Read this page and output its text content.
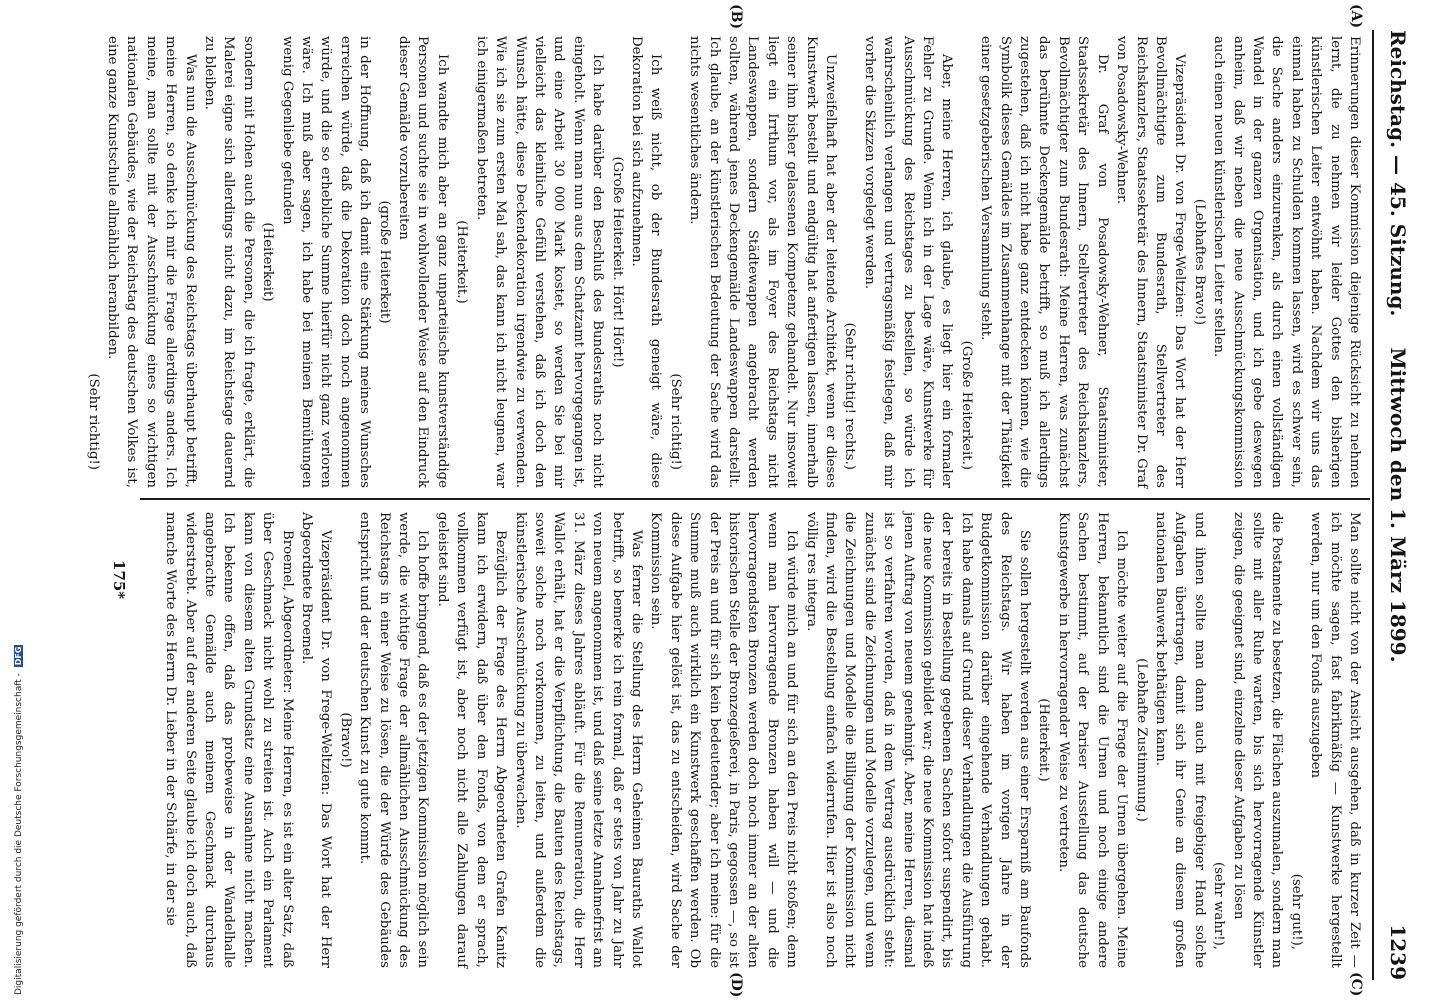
Reichstag. — 45. Sitzung.
Mittwoch den 1. März 1899.
1239
(A)
(B)
(C)
(D)

Erinnerungen dieser Kommission diejenige Rücksicht zu nehmen lernt, die zu nehmen wir leider Gottes den bisherigen künstlerischen Leiter entwöhnt haben. Nachdem wir uns das einmal haben zu Schulden kommen lassen, wird es schwer sein, die Sache anders einzurenken, als durch einen vollständigen Wandel in der ganzen Organisation, und ich gebe deswegen anheim, daß wir neben die neue Ausschmückungskommission auch einen neuen künstlerischen Leiter stellen.

(Lebhaftes Bravo!)

Vizepräsident Dr. von Frege-Weltzien: Das Wort hat der Herr Bevollmächtigte zum Bundesrath, Stellvertreter des Reichskanzlers, Staatssekretär des Innern, Staatsminister Dr. Graf von Posadowsky-Wehner.

Dr. Graf von Posadowsky-Wehner, Staatsminister, Staatssekretär des Innern, Stellvertreter des Reichskanzlers, Bevollmächtigter zum Bundesrath: Meine Herren, was zunächst das berühmte Deckengemälde betrifft, so muß ich allerdings zugestehen, daß ich nicht habe ganz entdecken können, wie die Symbolik dieses Gemäldes im Zusammenhange mit der Thätigkeit einer gesetzgeberischen Versammlung steht.

(Große Heiterkeit.)

Aber, meine Herren, ich glaube, es liegt hier ein formaler Fehler zu Grunde. Wenn ich in der Lage wäre, Kunstwerke für Ausschmückung des Reichstages zu bestellen, so würde ich wahrscheinlich verlangen und vertragsmäßig festlegen, daß mir vorher die Skizzen vorgelegt werden.

(Sehr richtig! rechts.)

Unzweifelhaft hat aber der leitende Architekt, wenn er dieses Kunstwerk bestellt und endgültig hat anfertigen lassen, innerhalb seiner ihm bisher gelassenen Kompetenz gehandelt. Nur insoweit liegt ein Irrthum vor, als im Foyer des Reichstags nicht Landeswappen, sondern Städtewappen angebracht werden sollten, während jenes Deckengemälde Landeswappen darstellt. Ich glaube, an der künstlerischen Bedeutung der Sache wird das nichts wesentliches ändern.

(Sehr richtig!)

Ich weiß nicht, ob der Bundesrath geneigt wäre, diese Dekoration bei sich aufzunehmen.

(Große Heiterkeit. Hört! Hört!)

Ich habe darüber den Beschluß des Bundesraths noch nicht eingeholt. Wenn man nun aus dem Schatzamt hervorgegangen ist, und eine Arbeit 30 000 Mark kostet, so werden Sie bei mir vielleicht das kleinliche Gefühl verstehen, daß ich doch den Wunsch hätte, diese Deckendekoration irgendwie zu verwenden. Wie ich sie zum ersten Mal sah, das kann ich nicht leugnen, war ich einigermaßen betreten.

(Heiterkeit.)

Ich wandte mich aber an ganz unparteiische kunstverständige Personen und suchte sie in wohlwollender Weise auf den Eindruck dieser Gemälde vorzubereiten

(große Heiterkeit)

in der Hoffnung, daß ich damit eine Stärkung meines Wunsches erreichen würde, daß die Dekoration doch noch angenommen würde, und die so erhebliche Summe hierfür nicht ganz verloren wäre. Ich muß aber sagen, ich habe bei meinen Bemühungen wenig Gegenliebe gefunden

(Heiterkeit)

sondern mit Hohen auch die Personen, die ich fragte, erklärt, die Malerei eigne sich allerdings nicht dazu, im Reichstage dauernd zu bleiben.

Was nun die Ausschmückung des Reichstags überhaupt betrifft, meine Herren, so denke ich mir die Frage allerdings anders. Ich meine, man sollte mit der Ausschmückung eines so wichtigen nationalen Gebäudes, wie der Reichstag des deutschen Volkes ist, eine ganze Kunstschule allmählich heranbilden.

(Sehr richtig!)

Man sollte nicht von der Ansicht ausgehen, daß in kurzer Zeit — ich möchte sagen, fast fabrikmäßig — Kunstwerke hergestellt werden, nur um den Fonds auszugeben

(sehr gut!),

die Postamente zu besetzen, die Flächen auszumalen, sondern man sollte mit aller Ruhe warten, bis sich hervorragende Künstler zeigen, die geeignet sind, einzelne dieser Aufgaben zu lösen

(sehr wahr!),

und ihnen sollte man dann auch mit freigebiger Hand solche Aufgaben übertragen, damit sich ihr Genie an diesem großen nationalen Bauwerk bethätigen kann.

(Lebhafte Zustimmung.)

Ich möchte weiter auf die Frage der Urnen übergehen. Meine Herren, bekanntlich sind die Urnen und noch einige andere Sachen bestimmt, auf der Pariser Ausstellung das deutsche Kunstgewerbe in hervorragender Weise zu vertreten.

(Heiterkeit.)

Sie sollen hergestellt werden aus einer Ersparniß am Baufonds des Reichstags. Wir haben im vorigen Jahre in der Budgetkommission darüber eingehende Verhandlungen gehabt. Ich habe damals auf Grund dieser Verhandlungen die Ausführung der bereits in Bestellung gegebenen Sachen sofort suspendirt, bis die neue Kommission gebildet war; die neue Kommission hat indeß jenen Auftrag von neuem genehmigt. Aber, meine Herren, diesmal ist so verfahren worden, daß in dem Vertrag ausdrücklich steht: zunächst sind die Zeichnungen und Modelle vorzulegen, und wenn die Zeichnungen und Modelle die Billigung der Kommission nicht finden, wird die Bestellung einfach widerrufen. Hier ist also noch völlig res integra.

Ich würde mich an und für sich an den Preis nicht stoßen; denn wenn man hervorragende Bronzen haben will — und die hervorragendsten Bronzen werden doch noch immer an der alten historischen Stelle der Bronzegießerei, in Paris, gegossen —, so ist der Preis an und für sich kein bedeutender; aber ich meine: für die Summe muß auch wirklich ein Kunstwerk geschaffen werden. Ob diese Aufgabe hier gelöst ist, das zu entscheiden, wird Sache der Kommission sein.

Was ferner die Stellung des Herrn Geheimen Bauraths Wallot betrifft, so bemerke ich rein formal, daß er stets von Jahr zu Jahr von neuem angenommen ist, und daß seine letzte Annahmefrist am 31. März dieses Jahres abläuft. Für die Remuneration, die Herr Wallot erhält, hat er die Verpflichtung, die Bauten des Reichstags, soweit solche noch vorkommen, zu leiten, und außerdem die künstlerische Ausschmückung zu überwachen.

Bezüglich der Frage des Herrn Abgeordneten Grafen Kanitz kann ich erwidern, daß über den Fonds, von dem er sprach, vollkommen verfügt ist, aber noch nicht alle Zahlungen darauf geleistet sind.

Ich hoffe bringend, daß es der jetzigen Kommission möglich sein werde, die wichtige Frage der allmählichen Ausschmückung des Reichstags in einer Weise zu lösen, die der Würde des Gebäudes entspricht und der deutschen Kunst zu gute kommt.

(Bravo!)

Vizepräsident Dr. von Frege-Weltzien: Das Wort hat der Herr Abgeordnete Broemel.

Broemel, Abgeordneter: Meine Herren, es ist ein alter Satz, daß über Geschmack nicht wohl zu streiten ist. Auch ein Parlament kann von diesem alten Grundsatz eine Ausnahme nicht machen. Ich bekenne offen, daß das probeweise in der Wandelhalle angebrachte Gemälde auch meinem Geschmack durchaus widerstrebt. Aber auf der anderen Seite glaube ich doch auch, daß manche Worte des Herrn Dr. Lieber in der Schärfe, in der sie

175*
Digitalisierung gefördert durch die Deutsche Forschungsgemeinschaft - DFG
